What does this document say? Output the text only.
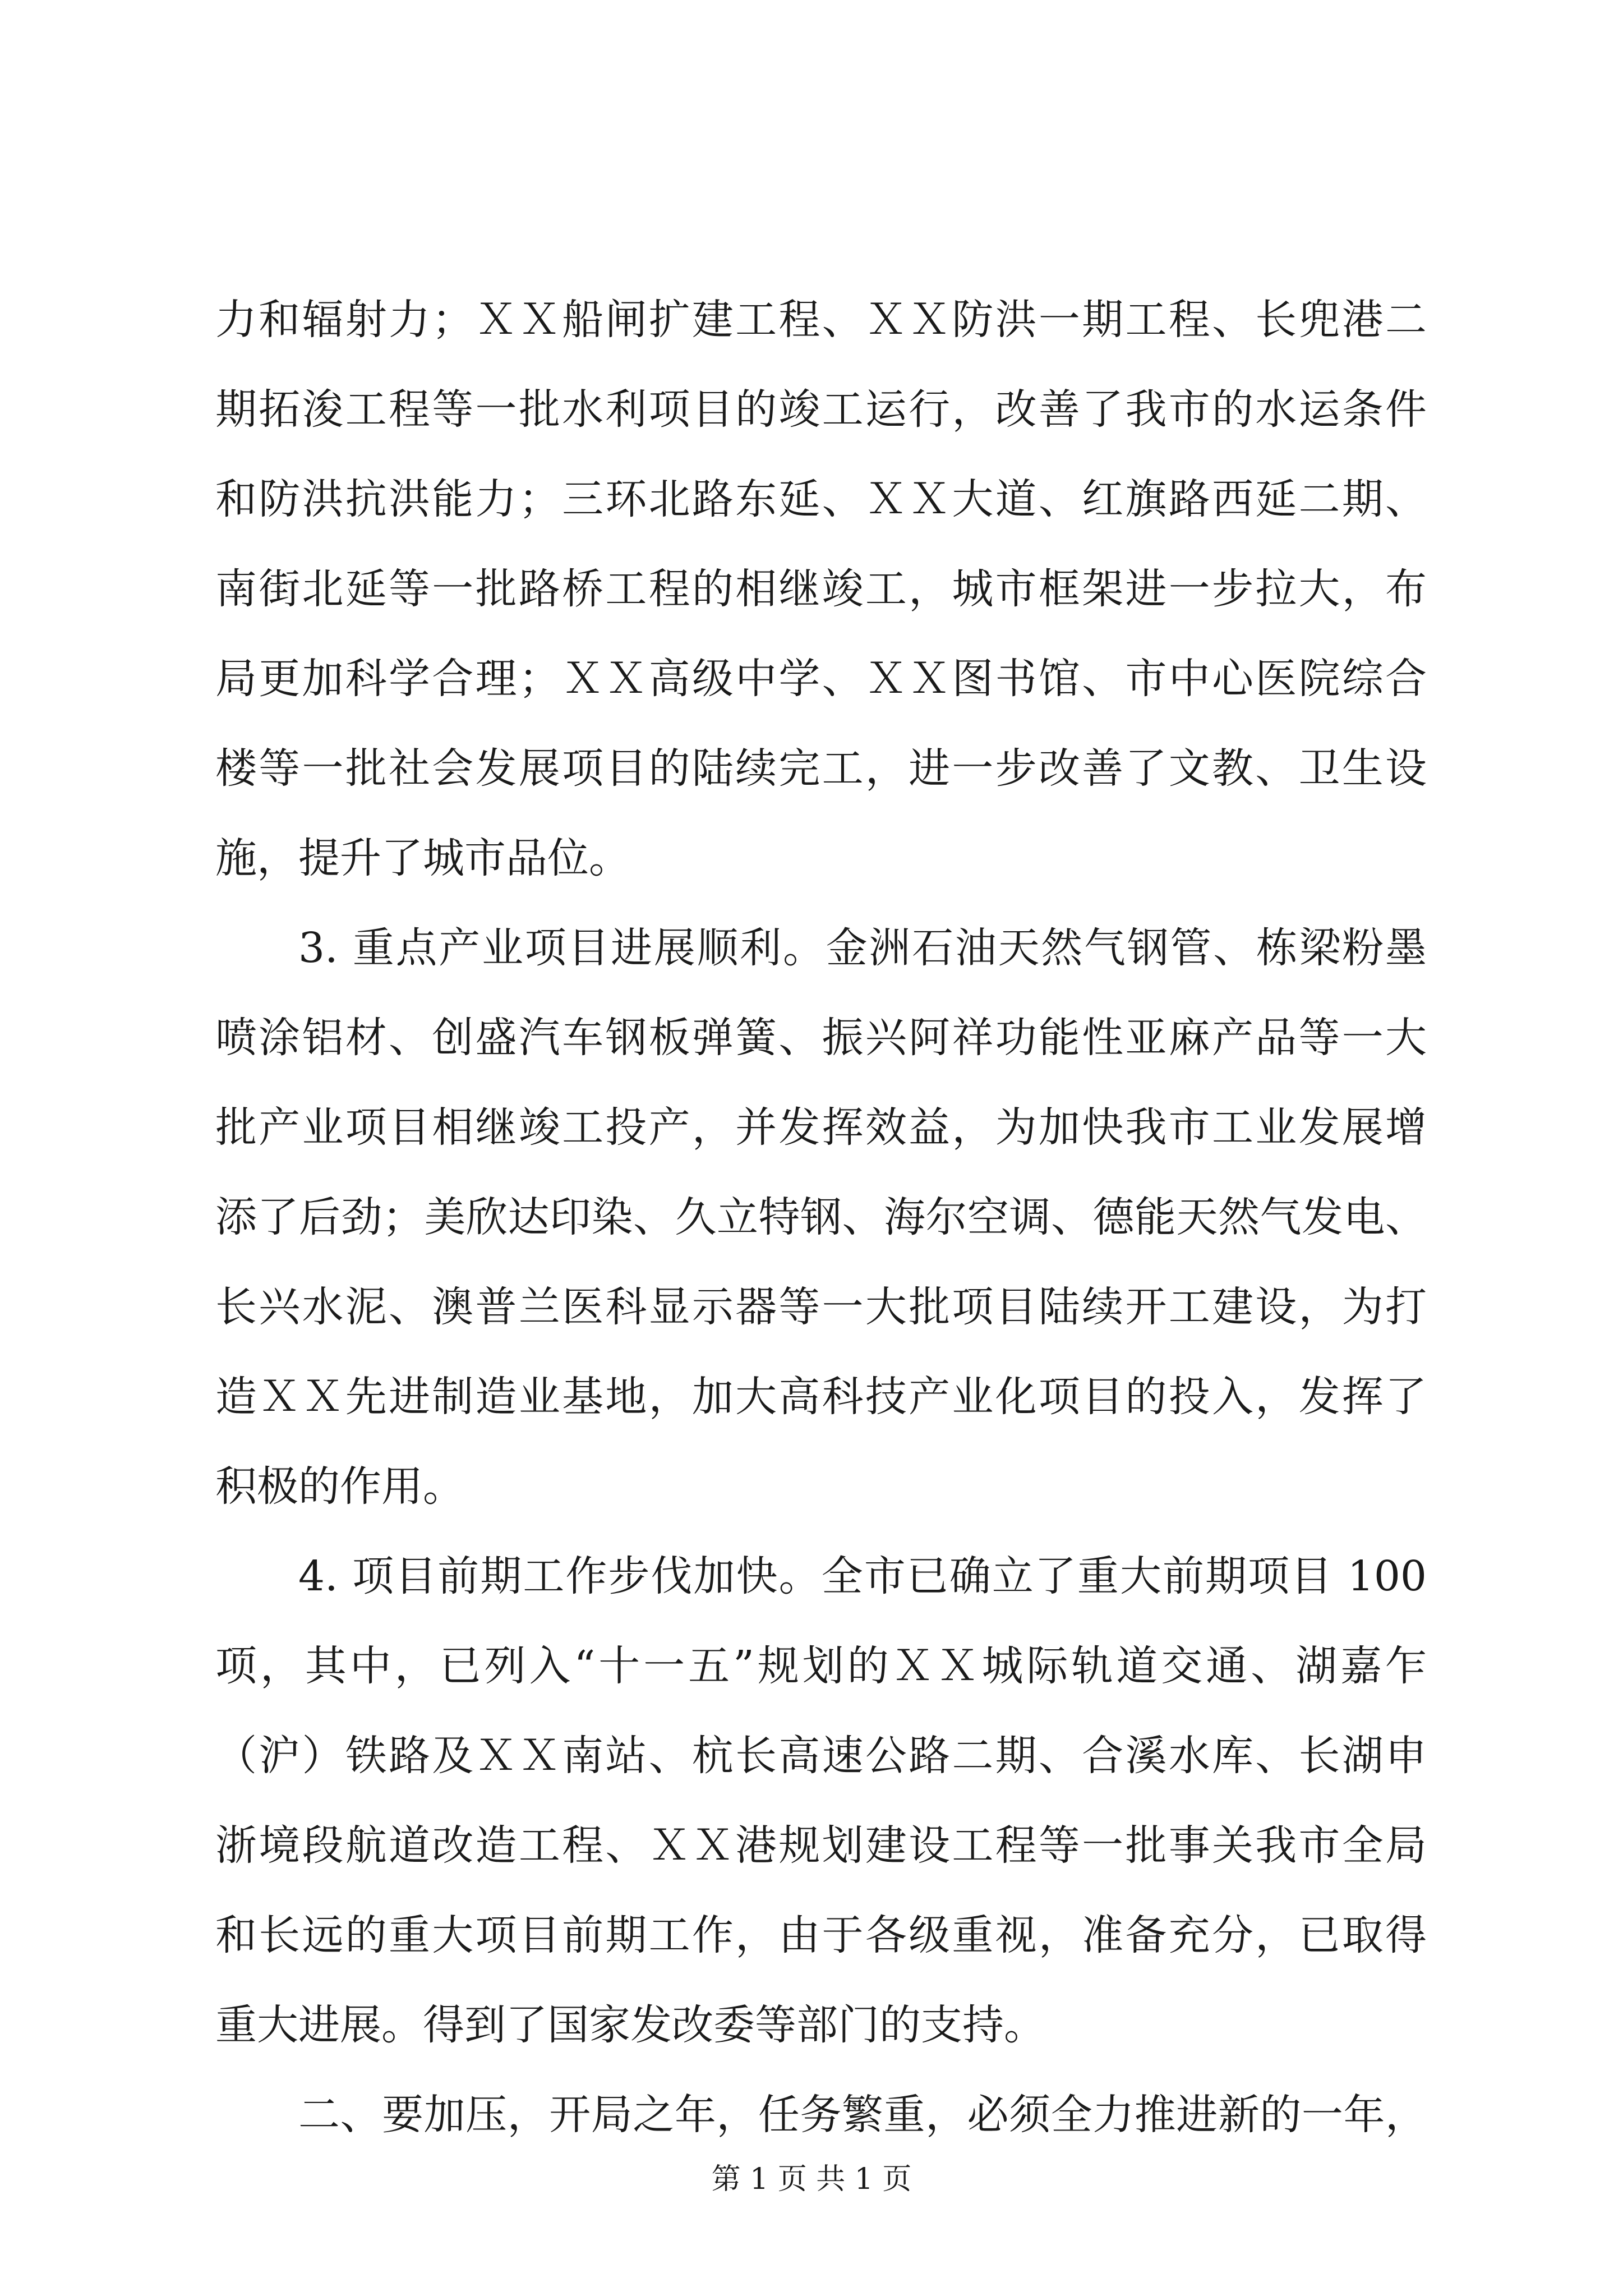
力和辐射力；ＸＸ船闸扩建工程、ＸＸ防洪一期工程、长兜港二
期拓浚工程等一批水利项目的竣工运行，改善了我市的水运条件
和防洪抗洪能力；三环北路东延、ＸＸ大道、红旗路西延二期、
南街北延等一批路桥工程的相继竣工，城市框架进一步拉大，布
局更加科学合理；ＸＸ高级中学、ＸＸ图书馆、市中心医院综合
楼等一批社会发展项目的陆续完工，进一步改善了文教、卫生设
施，提升了城市品位。
3. 重点产业项目进展顺利。金洲石油天然气钢管、栋梁粉墨
喷涂铝材、创盛汽车钢板弹簧、振兴阿祥功能性亚麻产品等一大
批产业项目相继竣工投产，并发挥效益，为加快我市工业发展增
添了后劲；美欣达印染、久立特钢、海尔空调、德能天然气发电、
长兴水泥、澳普兰医科显示器等一大批项目陆续开工建设，为打
造ＸＸ先进制造业基地，加大高科技产业化项目的投入，发挥了
积极的作用。
4. 项目前期工作步伐加快。全市已确立了重大前期项目 100
项，其中，已列入“十一五”规划的ＸＸ城际轨道交通、湖嘉乍
（沪）铁路及ＸＸ南站、杭长高速公路二期、合溪水库、长湖申
浙境段航道改造工程、ＸＸ港规划建设工程等一批事关我市全局
和长远的重大项目前期工作，由于各级重视，准备充分，已取得
重大进展。得到了国家发改委等部门的支持。
二、要加压，开局之年，任务繁重，必须全力推进新的一年，
第 1 页 共 1 页
